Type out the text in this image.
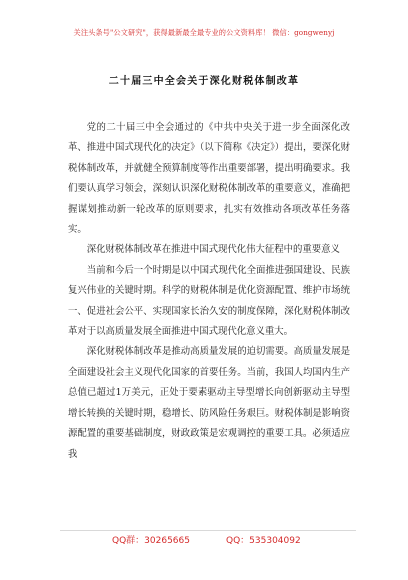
关注头条号"公文研究"，获得最新最全最专业的公文资料库！ 微信：gongwenyj
二十届三中全会关于深化财税体制改革

党的二十届三中全会通过的《中共中央关于进一步全面深化改革、推进中国式现代化的决定》（以下简称《决定》）提出，要深化财税体制改革，并就健全预算制度等作出重要部署，提出明确要求。我们要认真学习领会，深刻认识深化财税体制改革的重要意义，准确把握谋划推动新一轮改革的原则要求，扎实有效推动各项改革任务落实。

深化财税体制改革在推进中国式现代化伟大征程中的重要意义

当前和今后一个时期是以中国式现代化全面推进强国建设、民族复兴伟业的关键时期。科学的财税体制是优化资源配置、维护市场统一、促进社会公平、实现国家长治久安的制度保障，深化财税体制改革对于以高质量发展全面推进中国式现代化意义重大。

深化财税体制改革是推动高质量发展的迫切需要。高质量发展是全面建设社会主义现代化国家的首要任务。当前，我国人均国内生产总值已超过1万美元，正处于要素驱动主导型增长向创新驱动主导型增长转换的关键时期，稳增长、防风险任务艰巨。财税体制是影响资源配置的重要基础制度，财政政策是宏观调控的重要工具。必须适应我

QQ群：30265665	QQ：535304092
